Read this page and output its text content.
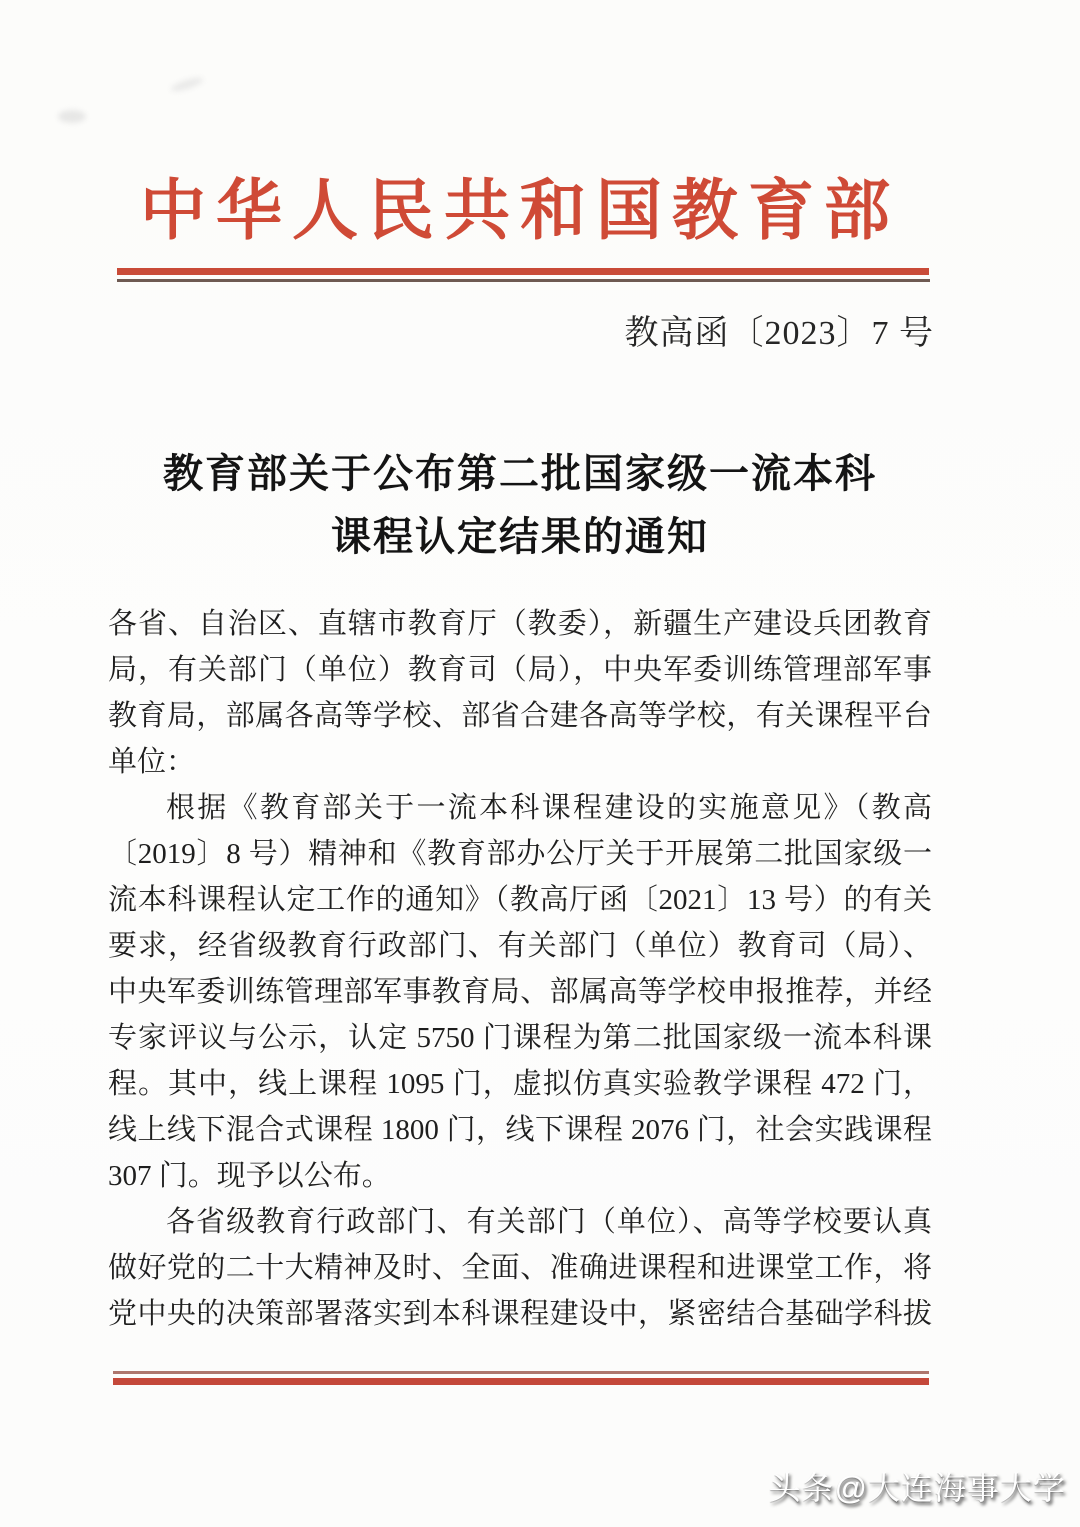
中华人民共和国教育部
教高函〔2023〕7 号
教育部关于公布第二批国家级一流本科
课程认定结果的通知
各省、自治区、直辖市教育厅（教委），新疆生产建设兵团教育
局，有关部门（单位）教育司（局），中央军委训练管理部军事
教育局，部属各高等学校、部省合建各高等学校，有关课程平台
单位：
根据《教育部关于一流本科课程建设的实施意见》（教高
〔2019〕8 号）精神和《教育部办公厅关于开展第二批国家级一
流本科课程认定工作的通知》（教高厅函〔2021〕13 号）的有关
要求，经省级教育行政部门、有关部门（单位）教育司（局）、
中央军委训练管理部军事教育局、部属高等学校申报推荐，并经
专家评议与公示，认定 5750 门课程为第二批国家级一流本科课
程。其中，线上课程 1095 门，虚拟仿真实验教学课程 472 门，
线上线下混合式课程 1800 门，线下课程 2076 门，社会实践课程
307 门。现予以公布。
各省级教育行政部门、有关部门（单位）、高等学校要认真
做好党的二十大精神及时、全面、准确进课程和进课堂工作，将
党中央的决策部署落实到本科课程建设中，紧密结合基础学科拔
头条@大连海事大学
